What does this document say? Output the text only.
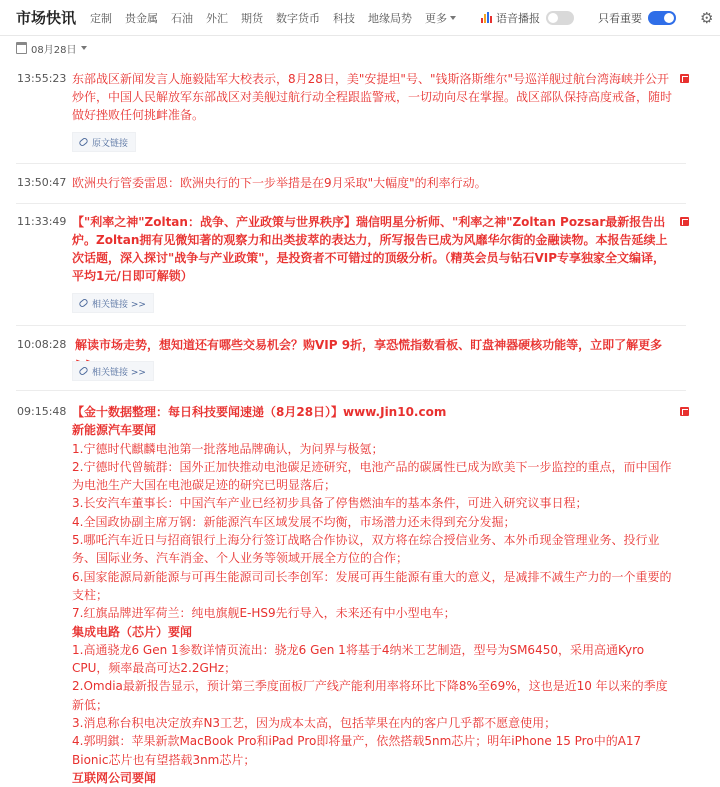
市场快讯 定制 贵金属 石油 外汇 期货 数字货币 科技 地缘局势 更多	语音播报	只看重要	⚙
08月28日
13:55:23 东部战区新闻发言人施毅陆军大校表示，8月28日，美"安提坦"号、"钱斯洛斯维尔"号巡洋舰过航台湾海峡并公开炒作，中国人民解放军东部战区对美舰过航行动全程跟监警戒，一切动向尽在掌握。战区部队保持高度戒备，随时做好挫败任何挑衅准备。
原文链接
13:50:47 欧洲央行管委雷恩：欧洲央行的下一步举措是在9月采取"大幅度"的利率行动。
11:33:49 【"利率之神"Zoltan：战争、产业政策与世界秩序】瑞信明星分析师、"利率之神"Zoltan Pozsar最新报告出炉。Zoltan拥有见微知著的观察力和出类拔萃的表达力，所写报告已成为风靡华尔街的金融读物。本报告延续上次话题，深入探讨"战争与产业政策"，是投资者不可错过的顶级分析。（精英会员与钻石VIP专享独家全文编译，平均1元/日即可解锁）
相关链接 >>
10:08:28 解读市场走势，想知道还有哪些交易机会？购VIP 9折，享恐慌指数看板、盯盘神器硬核功能等，立即了解更多
相关链接 >>
09:15:48 【金十数据整理：每日科技要闻速递（8月28日）】www.Jin10.com

新能源汽车要闻

1.宁德时代麒麟电池第一批落地品牌确认，为问界与极氪；

2.宁德时代曾毓群：国外正加快推动电池碳足迹研究，电池产品的碳属性已成为欧美下一步监控的重点，而中国作为电池生产大国在电池碳足迹的研究已明显落后；

3.长安汽车董事长：中国汽车产业已经初步具备了停售燃油车的基本条件，可进入研究议事日程；

4.全国政协副主席万钢：新能源汽车区域发展不均衡，市场潜力还未得到充分发掘；

5.哪吒汽车近日与招商银行上海分行签订战略合作协议，双方将在综合授信业务、本外币现金管理业务、投行业务、国际业务、汽车消金、个人业务等领域开展全方位的合作；

6.国家能源局新能源与可再生能源司司长李创军：发展可再生能源有重大的意义，是减排不减生产力的一个重要的支柱；

7.红旗品牌进军荷兰：纯电旗舰E-HS9先行导入，未来还有中小型电车；

集成电路（芯片）要闻

1.高通骁龙6 Gen 1参数详情页流出：骁龙6 Gen 1将基于4纳米工艺制造，型号为SM6450，采用高通Kyro CPU，频率最高可达2.2GHz；

2.Omdia最新报告显示，预计第三季度面板厂产线产能利用率将环比下降8%至69%，这也是近10 年以来的季度新低；

3.消息称台积电决定放弃N3工艺，因为成本太高，包括苹果在内的客户几乎都不愿意使用；

4.郭明錤：苹果新款MacBook Pro和iPad Pro即将量产，依然搭载5nm芯片；明年iPhone 15 Pro中的A17 Bionic芯片也有望搭载3nm芯片；

互联网公司要闻
